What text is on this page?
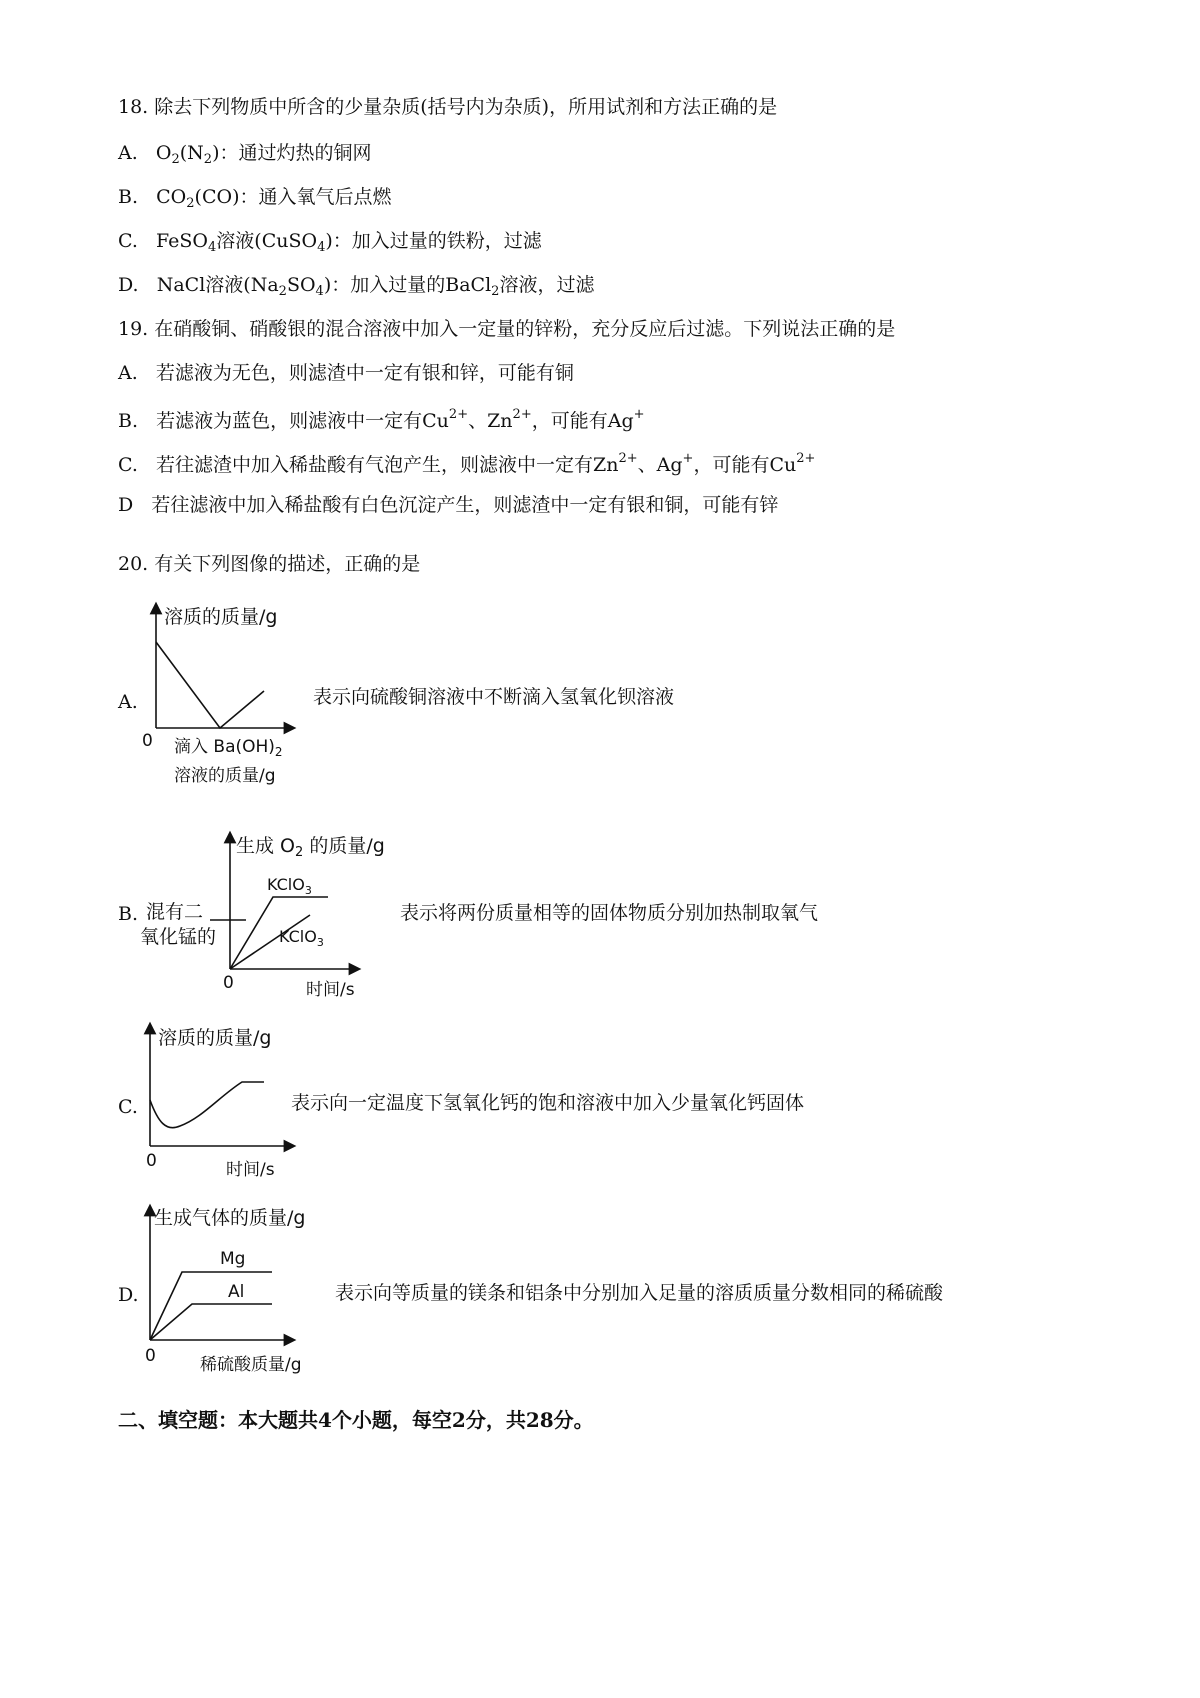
18. 除去下列物质中所含的少量杂质(括号内为杂质)，所用试剂和方法正确的是
A. $O_2(N_2)$：通过灼热的铜网
B. $CO_2(CO)$：通入氧气后点燃
C. FeSO$_4$溶液(CuSO$_4$)：加入过量的铁粉，过滤
D. NaCl溶液$(Na_2SO_4)$：加入过量的BaCl$_2$溶液，过滤
19. 在硝酸铜、硝酸银的混合溶液中加入一定量的锌粉，充分反应后过滤。下列说法正确的是
A. 若滤液为无色，则滤渣中一定有银和锌，可能有铜
B. 若滤液为蓝色，则滤液中一定有$Cu^{2+}$、$Zn^{2+}$，可能有Ag+
C. 若往滤渣中加入稀盐酸有气泡产生，则滤液中一定有$Zn^{2+}$、Ag+，可能有$Cu^{2+}$
D 若往滤液中加入稀盐酸有白色沉淀产生，则滤渣中一定有银和铜，可能有锌
20. 有关下列图像的描述，正确的是
A.
溶质的质量/g
0 滴入 $Ba(OH)_2$
溶液的质量/g
表示向硫酸铜溶液中不断滴入氢氧化钡溶液
B.
生成 $O_2$ 的质量/g
混有二
氧化锰的
KClO$_3$
KClO$_3$
0	时间/s
表示将两份质量相等的固体物质分别加热制取氧气
C.
溶质的质量/g
0	时间/s
表示向一定温度下氢氧化钙的饱和溶液中加入少量氧化钙固体
D.
生成气体的质量/g
Mg
Al
0	稀硫酸质量/g
表示向等质量的镁条和铝条中分别加入足量的溶质质量分数相同的稀硫酸
二、填空题：本大题共4个小题，每空2分，共28分。
